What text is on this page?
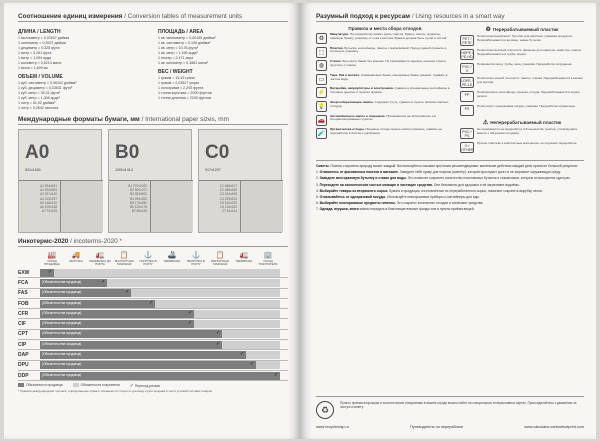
Соотношение единиц измерения / Conversion tables of measurement units
ДЛИНА / LENGTH
1 миллиметр = 0,03937 дюйма
1 сантиметр = 0,3937 дюйма
1 дециметр = 0,328 фута
1 метр = 3,281 фута
1 метр = 1,094 ярда
1 километр = 0,6214 мили
1 миля = 1,609 км
ОБЪЕМ / VOLUME
1 куб. сантиметр = 0,06102 дюйма³
1 куб. дециметр = 0,03531 фута³
1 куб. метр = 35,31 фута³
1 куб. метр = 1,308 ярда³
1 литр = 61,02 дюйма³
1 литр = 0,2642 галлона
ПЛОЩАДЬ / AREA
1 кв. миллиметр = 0,00155 дюйма²
1 кв. сантиметр = 0,155 дюйма²
1 кв. метр = 10,76 фута²
1 кв. метр = 1,196 ярда²
1 гектар = 2,471 акра
1 кв. километр = 0,3861 мили²
ВЕС / WEIGHT
1 грамм = 15,43 грана
1 грамм = 0,03527 унции
1 килограмм = 2,205 фунта
1 тонна короткая = 2000 фунтов
1 тонна длинная = 2240 фунтов
Международные форматы бумаги, мм / International paper sizes, mm
A0
841x1189
A1 594x841
A2 420x594
A3 297x420
A4 210x297
A5 148x210
A6 105x148
A7 74x105
B0
1000x1414
B1 707x1000
B2 500x707
B3 353x500
B4 250x353
B5 176x250
B6 125x176
B7 88x125
C0
917x1297
C1 648x917
C2 458x648
C3 324x458
C4 229x324
C5 162x229
C6 114x162
C7 81x114
Инкотермс-2020 / incoterms-2020 *
🏭
СКЛАД ПРОДАВЦА
🚚
ЗАГРУЗКА
🚛
ПЕРЕВОЗКА ДО ПОРТА
📋
ЭКСПОРТНАЯ ТАМОЖНЯ
⚓
ПОГРУЗКА В ПОРТУ
🚢
ПЕРЕВОЗКА
⚓
ВЫГРУЗКА В ПОРТУ
📋
ИМПОРТНАЯ ТАМОЖНЯ
🚛
ПЕРЕВОЗКА
🏢
СКЛАД ПОКУПАТЕЛЯ
EXW	✓
FCA	(Обязательства продавца)	✓
FAS	(Обязательства продавца)	✓
FOB	(Обязательства продавца)	✓
CFR	(Обязательства продавца)	✓
CIF	(Обязательства продавца)	✓
CPT	(Обязательства продавца)	✓
CIP	(Обязательства продавца)	✓
DAP	(Обязательства продавца)	✓
DPU	(Обязательства продавца)	✓
DDP	(Обязательства продавца)	✓
Обязанности продавца	Обязанности покупателя ✓ Переход рисков
* Правила международной торговли, определяющие права и обязанности сторон по договору купли-продажи в части условий поставки товаров
Разумный подход к ресурсам / Using resources in a smart way
Правила и места сбора отходов
♻
Макулатура. На переработку можно сдать: картон, бумагу, газеты, журналы, офисную бумагу, упаковку от сока и молока. Бумага должна быть сухой и чистой.
⬚
Пластик. Бутылки, контейнеры, пакеты с маркировкой. Перед сдачей промыть и сплющить упаковку.
◍
Стекло. Бутылки и банки без крышек. Не принимаются зеркала, оконное стекло, хрусталь и лампы.
▭
Тара, Pak и металл. Алюминиевые банки, консервные банки, крышки. Сдавать в чистом виде.
⚡
Батарейки, аккумуляторы и электроника. Сдавать в специальные контейнеры в торговых центрах и пунктах приёма.
💡
Энергосберегающие лампы. Содержат ртуть, сдавать в пункты приёма опасных отходов.
🚗
Автомобильное масло и покрышки. Принимаются на автосервисах и в специализированных пунктах.
🧪
Органические отходы. Пищевые отходы можно компостировать, сдавать на переработку в биогаз и удобрения.
♻ Перерабатываемый пластик
PET / PETE
Полиэтилентерефталат: бутылки для напитков, упаковка продуктов. Перерабатывается в волокно, новые бутылки.
HDPE / PE-HD
Полиэтилен высокой плотности: флаконы для шампуня, канистры, пакеты. Перерабатывается в трубы, ящики.
PVC / V
Поливинилхлорид: трубы, окна, упаковка. Переработка затруднена.
LDPE / PE-LD
Полиэтилен низкой плотности: пакеты, плёнка. Перерабатывается в мешки для мусора.
PP
Полипропилен: контейнеры, крышки, посуда. Перерабатывается в ящики, детали.
PS
Полистирол: одноразовая посуда, упаковка. Переработка ограничена.
⚠ Неперерабатываемый пластик
PVC / PS
Не принимается на переработку в большинстве пунктов, утилизировать вместе с обычными отходами.
O / OTHER
Прочие пластики и композитные материалы, не подлежат переработке.
Советы. Помочь сохранить природу может каждый. Воспользуйтесь нашими простыми рекомендациями: маленькие действия каждый день приносят большой результат.
1. Откажитесь от фасованных пакетов в магазине. Заведите себе сумку для покупок (шоппер), которая прослужит долго и не загрязнит окружающую среду.
2. Заведите многоразовую бутылку и стакан для воды. Это позволит сократить количество пластиковых бутылок и стаканчиков, которые используются один раз.
3. Переходите на экологические чистые моющие и чистящие средства. Они безопасны для здоровья и не загрязняют водоёмы.
4. Выбирайте товары из вторичного сырья. Бумага и продукция, изготовленные из переработанного сырья, помогают сократить вырубку лесов.
5. Отказывайтесь от одноразовой посуды. Используйте многоразовые приборы и контейнеры для еды.
6. Выбирайте многоразовые предметы гигиены. Это сократит количество отходов и сэкономит средства.
7. Одежда, игрушки, книги можно передать в благотворительные фонды или в пункты приёма вещей.
♻
Пункты приёма вторсырья и экологические инициативы в вашем городе можно найти на специальных интерактивных картах. Присоединяйтесь к движению за чистую планету.
www.recyclemap.ru	Путеводитель по переработке	www.calculator.carbonfootprint.com
